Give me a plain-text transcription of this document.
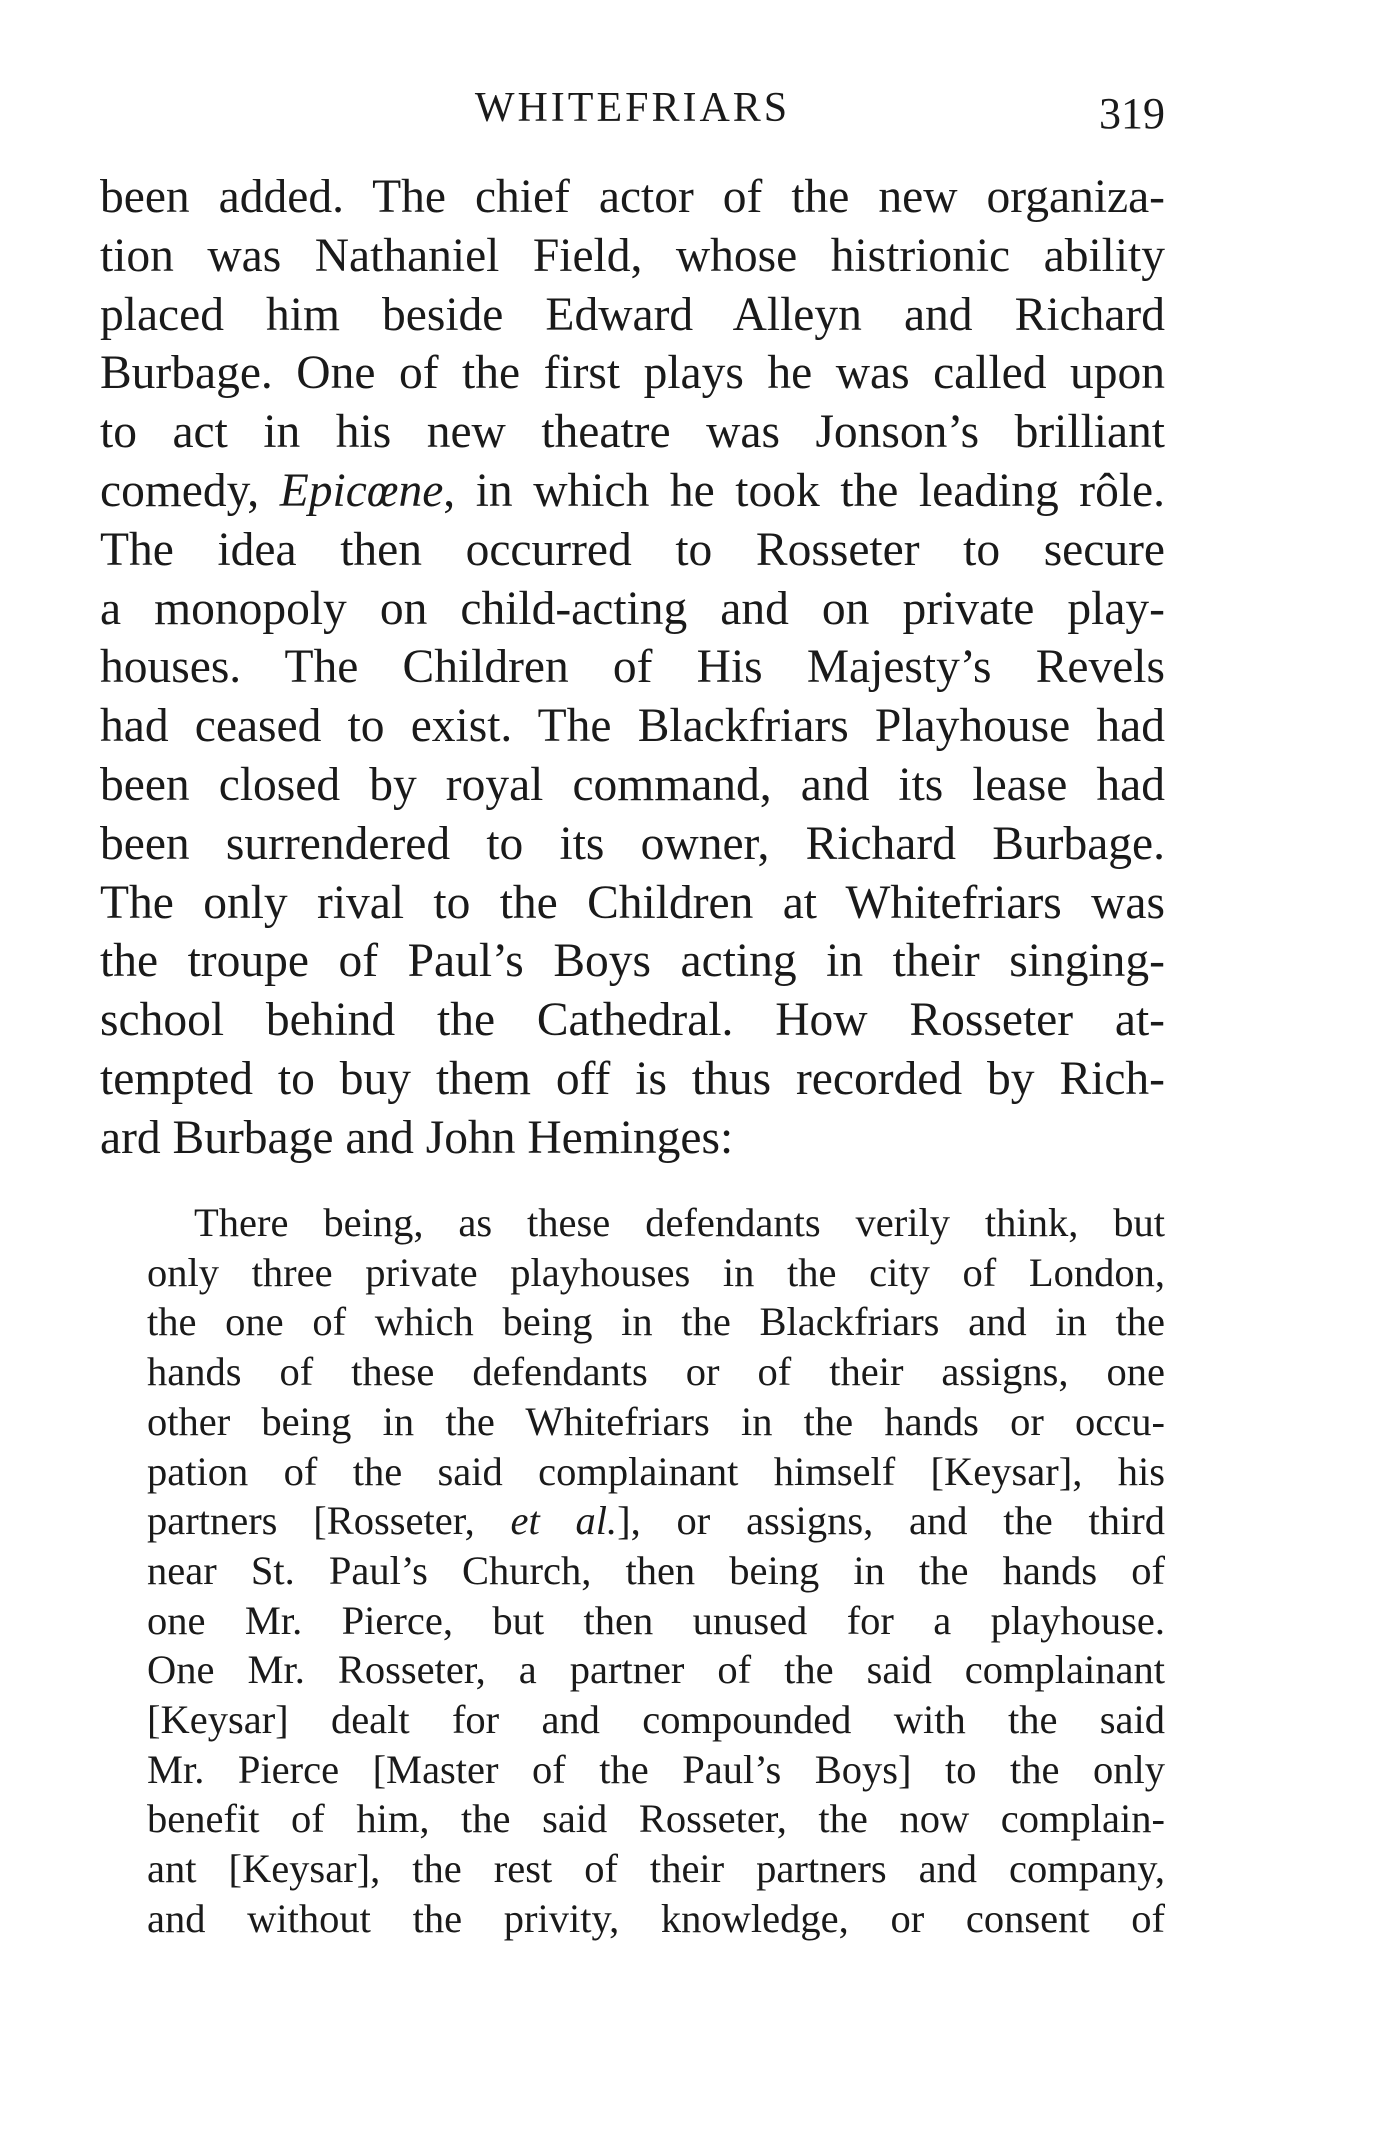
WHITEFRIARS	319

been added. The chief actor of the new organiza-
tion was Nathaniel Field, whose histrionic ability
placed him beside Edward Alleyn and Richard
Burbage. One of the first plays he was called upon
to act in his new theatre was Jonson’s brilliant
comedy, Epicœne, in which he took the leading rôle.

The idea then occurred to Rosseter to secure
a monopoly on child-acting and on private play-
houses. The Children of His Majesty’s Revels
had ceased to exist. The Blackfriars Playhouse had
been closed by royal command, and its lease had
been surrendered to its owner, Richard Burbage.
The only rival to the Children at Whitefriars was
the troupe of Paul’s Boys acting in their singing-
school behind the Cathedral. How Rosseter at-
tempted to buy them off is thus recorded by Rich-
ard Burbage and John Heminges:

There being, as these defendants verily think, but
only three private playhouses in the city of London,
the one of which being in the Blackfriars and in the
hands of these defendants or of their assigns, one
other being in the Whitefriars in the hands or occu-
pation of the said complainant himself [Keysar], his
partners [Rosseter, et al.], or assigns, and the third
near St. Paul’s Church, then being in the hands of
one Mr. Pierce, but then unused for a playhouse.
One Mr. Rosseter, a partner of the said complainant
[Keysar] dealt for and compounded with the said
Mr. Pierce [Master of the Paul’s Boys] to the only
benefit of him, the said Rosseter, the now complain-
ant [Keysar], the rest of their partners and company,
and without the privity, knowledge, or consent of
